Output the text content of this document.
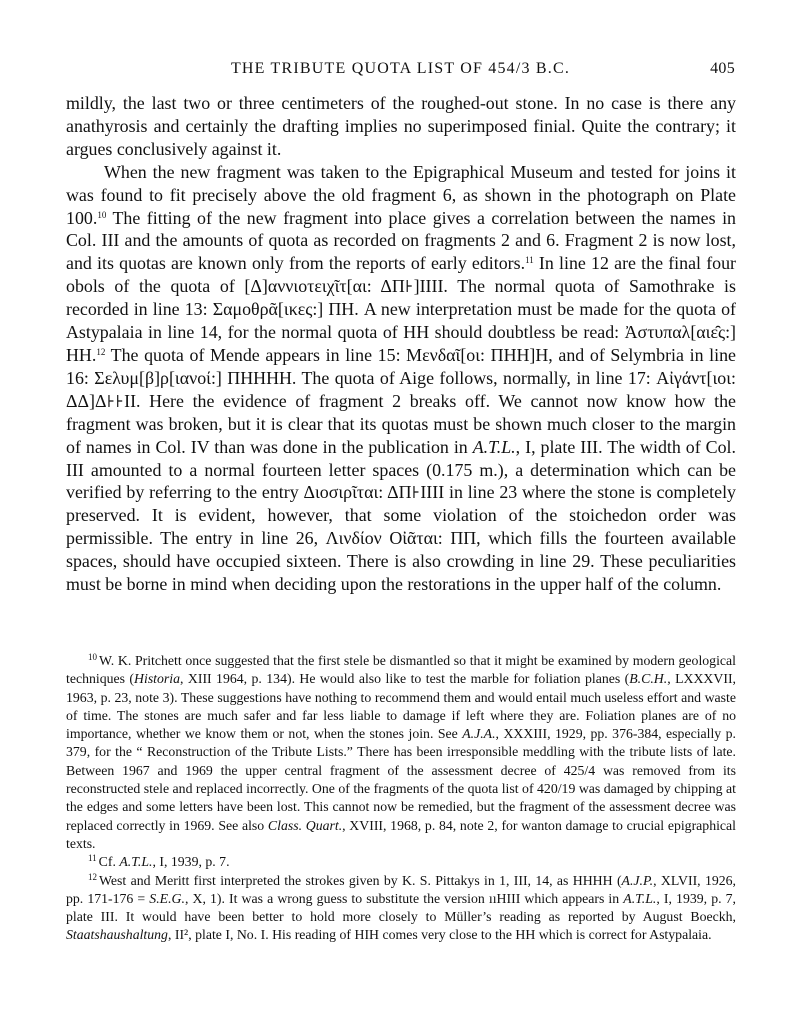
THE TRIBUTE QUOTA LIST OF 454/3 B.C.	405

mildly, the last two or three centimeters of the roughed-out stone. In no case is there any anathyrosis and certainly the drafting implies no superimposed finial. Quite the contrary; it argues conclusively against it.

When the new fragment was taken to the Epigraphical Museum and tested for joins it was found to fit precisely above the old fragment 6, as shown in the photograph on Plate 100.10 The fitting of the new fragment into place gives a correlation between the names in Col. III and the amounts of quota as recorded on fragments 2 and 6. Fragment 2 is now lost, and its quotas are known only from the reports of early editors.$^{11}$ In line 12 are the final four obols of the quota of [Δ]αννιοτειχῖτ[αι: ΔΠ꜔]IIII. The normal quota of Samothrake is recorded in line 13: Σαμοθρᾶ[ικες:] ΠΗ. A new interpretation must be made for the quota of Astypalaia in line 14, for the normal quota of HH should doubtless be read: Ἀστυπαλ[αιε̑ς:] HH.$^{12}$ The quota of Mende appears in line 15: Μενδαῖ[οι: ΠHH]H, and of Selymbria in line 16: Σελυμ[β]ρ[ιανοί:] ΠHHHH. The quota of Aige follows, normally, in line 17: Αἰγάντ[ιοι: ΔΔ]Δ꜔꜔II. Here the evidence of fragment 2 breaks off. We cannot now know how the fragment was broken, but it is clear that its quotas must be shown much closer to the margin of names in Col. IV than was done in the publication in A.T.L., I, plate III. The width of Col. III amounted to a normal fourteen letter spaces (0.175 m.), a determination which can be verified by referring to the entry Διοσιρῖται: ΔΠ꜔IIII in line 23 where the stone is completely preserved. It is evident, however, that some violation of the stoichedon order was permissible. The entry in line 26, Λινδίον Οἰᾶται: ΠΠ, which fills the fourteen available spaces, should have occupied sixteen. There is also crowding in line 29. These peculiarities must be borne in mind when deciding upon the restorations in the upper half of the column.

$^{10}$ W. K. Pritchett once suggested that the first stele be dismantled so that it might be examined by modern geological techniques (Historia, XIII 1964, p. 134). He would also like to test the marble for foliation planes (B.C.H., LXXXVII, 1963, p. 23, note 3). These suggestions have nothing to recommend them and would entail much useless effort and waste of time. The stones are much safer and far less liable to damage if left where they are. Foliation planes are of no importance, whether we know them or not, when the stones join. See A.J.A., XXXIII, 1929, pp. 376-384, especially p. 379, for the “ Reconstruction of the Tribute Lists.” There has been irresponsible meddling with the tribute lists of late. Between 1967 and 1969 the upper central fragment of the assessment decree of 425/4 was removed from its reconstructed stele and replaced incorrectly. One of the fragments of the quota list of 420/19 was damaged by chipping at the edges and some letters have been lost. This cannot now be remedied, but the fragment of the assessment decree was replaced correctly in 1969. See also Class. Quart., XVIII, 1968, p. 84, note 2, for wanton damage to crucial epigraphical texts.

$^{11}$ Cf. A.T.L., I, 1939, p. 7.

$^{12}$ West and Meritt first interpreted the strokes given by K. S. Pittakys in 1, III, 14, as HHHH (A.J.P., XLVII, 1926, pp. 171-176 = S.E.G., X, 1). It was a wrong guess to substitute the version ııHIII which appears in A.T.L., I, 1939, p. 7, plate III. It would have been better to hold more closely to Müller’s reading as reported by August Boeckh, Staatshaushaltung, II², plate I, No. I. His reading of HIH comes very close to the HH which is correct for Astypalaia.
